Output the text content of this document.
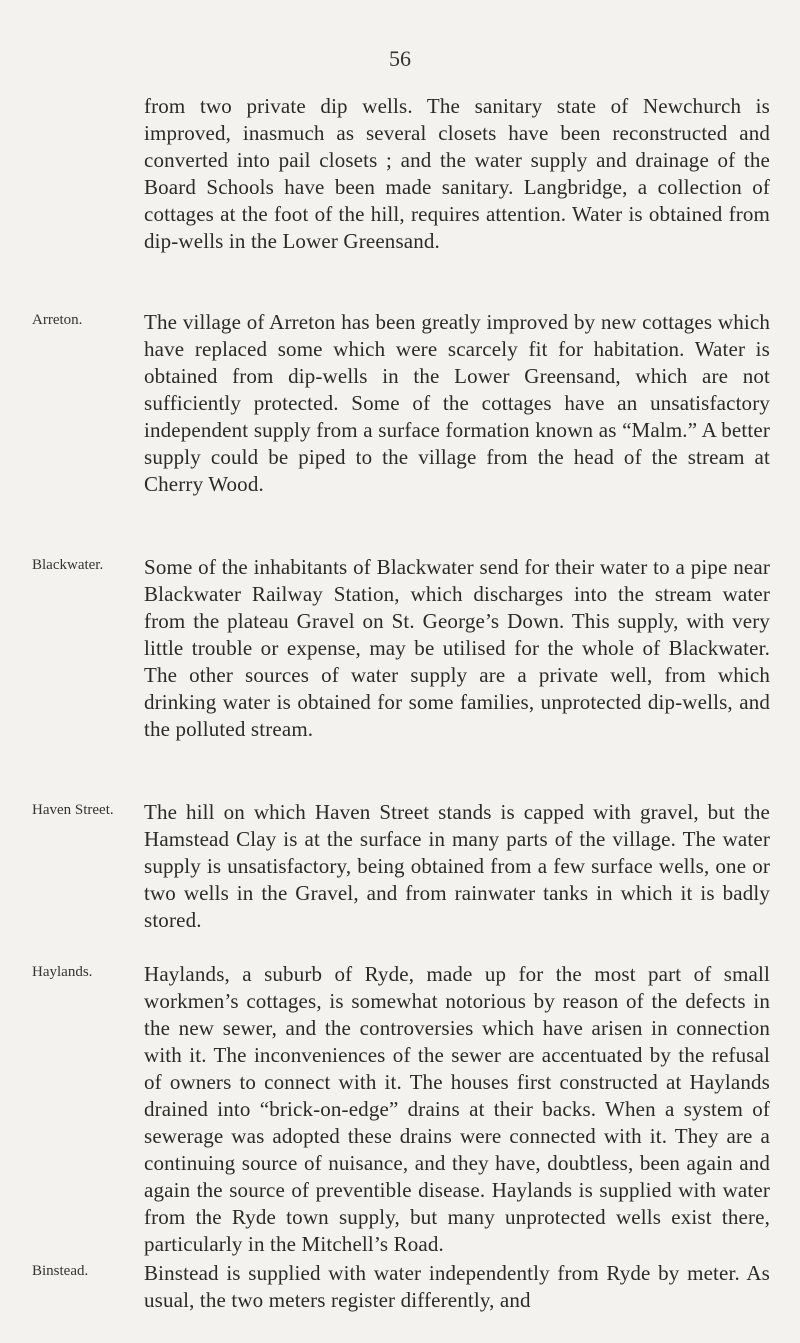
56

from two private dip wells. The sanitary state of Newchurch is improved, inasmuch as several closets have been reconstructed and converted into pail closets ; and the water supply and drainage of the Board Schools have been made sanitary. Langbridge, a collection of cottages at the foot of the hill, requires attention. Water is obtained from dip-wells in the Lower Greensand.

Arreton.	The village of Arreton has been greatly improved by new cottages which have replaced some which were scarcely fit for habitation. Water is obtained from dip-wells in the Lower Greensand, which are not sufficiently protected. Some of the cottages have an unsatisfactory independent supply from a surface formation known as “Malm.” A better supply could be piped to the village from the head of the stream at Cherry Wood.

Blackwater. Some of the inhabitants of Blackwater send for their water to a pipe near Blackwater Railway Station, which discharges into the stream water from the plateau Gravel on St. George’s Down. This supply, with very little trouble or expense, may be utilised for the whole of Blackwater. The other sources of water supply are a private well, from which drinking water is obtained for some families, unprotected dip-wells, and the polluted stream.

Haven Street. The hill on which Haven Street stands is capped with gravel, but the Hamstead Clay is at the surface in many parts of the village. The water supply is unsatisfactory, being obtained from a few surface wells, one or two wells in the Gravel, and from rainwater tanks in which it is badly stored.

Haylands. Haylands, a suburb of Ryde, made up for the most part of small workmen’s cottages, is somewhat notorious by reason of the defects in the new sewer, and the controversies which have arisen in connection with it. The inconveniences of the sewer are accentuated by the refusal of owners to connect with it. The houses first constructed at Haylands drained into “brick-on-edge” drains at their backs. When a system of sewerage was adopted these drains were connected with it. They are a continuing source of nuisance, and they have, doubtless, been again and again the source of preventible disease. Haylands is supplied with water from the Ryde town supply, but many unprotected wells exist there, particularly in the Mitchell’s Road.

Binstead.	Binstead is supplied with water independently from Ryde by meter. As usual, the two meters register differently, and
